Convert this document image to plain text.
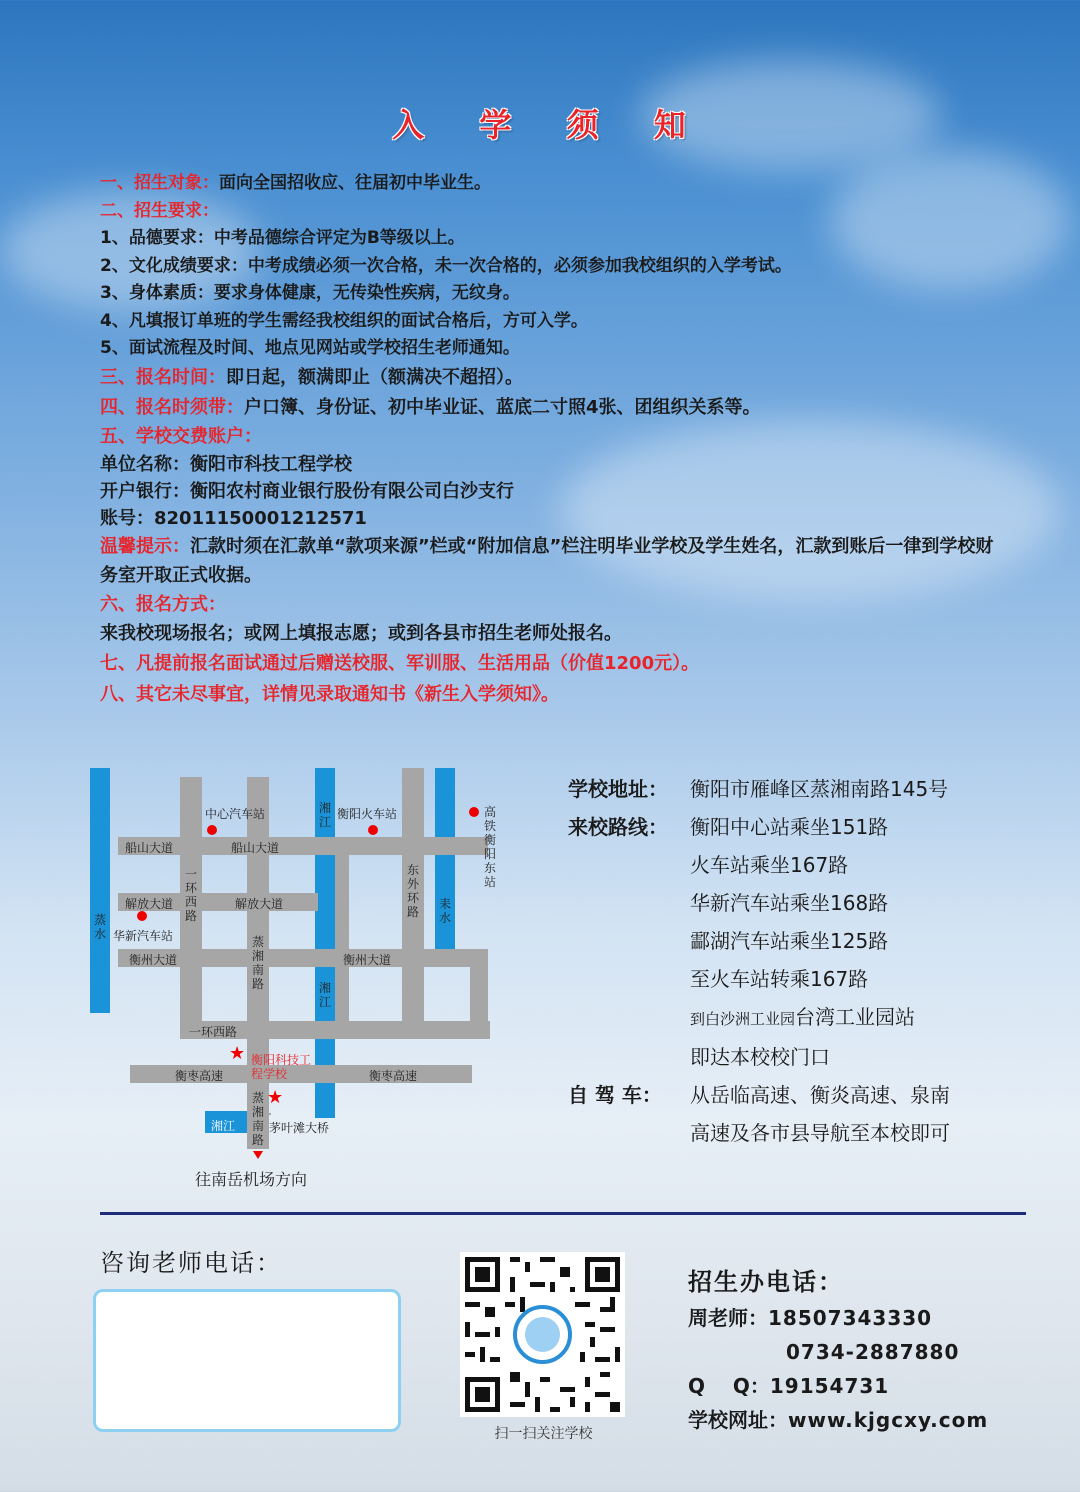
入 学 须 知
一、招生对象：面向全国招收应、往届初中毕业生。
二、招生要求：
1、品德要求：中考品德综合评定为B等级以上。
2、文化成绩要求：中考成绩必须一次合格，未一次合格的，必须参加我校组织的入学考试。
3、身体素质：要求身体健康，无传染性疾病，无纹身。
4、凡填报订单班的学生需经我校组织的面试合格后，方可入学。
5、面试流程及时间、地点见网站或学校招生老师通知。
三、报名时间：即日起，额满即止（额满决不超招）。
四、报名时须带：户口簿、身份证、初中毕业证、蓝底二寸照4张、团组织关系等。
五、学校交费账户：
单位名称：衡阳市科技工程学校
开户银行：衡阳农村商业银行股份有限公司白沙支行
账号：82011150001212571
温馨提示：汇款时须在汇款单“款项来源”栏或“附加信息”栏注明毕业学校及学生姓名，汇款到账后一律到学校财务室开取正式收据。
六、报名方式：
来我校现场报名；或网上填报志愿；或到各县市招生老师处报名。
七、凡提前报名面试通过后赠送校服、军训服、生活用品（价值1200元）。
八、其它未尽事宜，详情见录取通知书《新生入学须知》。
蒸水
湘江
湘江
湘江
耒水
中心汽车站	衡阳火车站	高铁衡阳东站
华新汽车站
船山大道	船山大道
解放大道	解放大道
一环西路
东外环路
衡州大道	衡州大道
蒸湘南路
一环西路
衡枣高速	衡枣高速
蒸湘南路
★
★
衡阳科技工程学校
茅叶滩大桥
往南岳机场方向
学校地址：	衡阳市雁峰区蒸湘南路145号
来校路线：	衡阳中心站乘坐151路
火车站乘坐167路
华新汽车站乘坐168路
酃湖汽车站乘坐125路
至火车站转乘167路
到白沙洲工业园台湾工业园站
即达本校校门口
自 驾 车：	从岳临高速、衡炎高速、泉南
高速及各市县导航至本校即可
咨询老师电话：
扫一扫关注学校
招生办电话：
周老师：18507343330
0734-2887880
Q    Q：19154731
学校网址：www.kjgcxy.com
